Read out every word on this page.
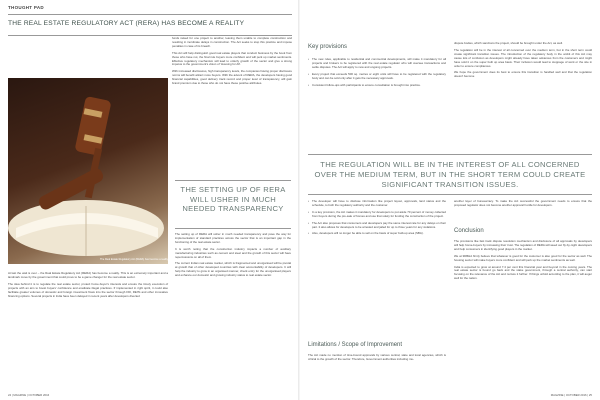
THOUGHT PAD
THE REAL ESTATE REGULATORY ACT (RERA) HAS BECOME A REALITY

funds raised for one project to another, leaving them unable to complete construction and resulting in inordinate delays in construction. The Act seeks to stop this practice and impose penalties in case of its breach.

This Act will help distinguish good real estate players that conduct business by the book from those who have not, the final rule buyers more confident and will perk up market sentiments. Effective regulatory mechanism will lead to orderly growth of the sector and give a strong impetus to the government's vision of 'Housing for All'.

With increased disclosures, high transparency levels, the companies having proper disclosure norms will benefit attract more buyers. With the advent of RERA, the developers having good financial capabilities, good delivery track record and proper level of transparency, will gain brand premium due to those who do not have these positive attributes.

The Real Estate Regulatory Act (RERA) has become a reality

At last the wait is over – the Real Estate Regulatory Act (RERA) has become a reality. This is an extremely important and a landmark move by the government that could prove to be a game changer for the real estate sector.

The idea behind it is to regulate the real estate sector, protect home-buyer's interests and ensure the timely execution of projects with an aim to boost buyers' confidence and eradicate illegal practices. If implemented in right spirit, it could also facilitate greater volumes of domestic and foreign investment flows into the sector through FDI, REITs and other innovative financing options. Several projects in India have been delayed in recent years after developers diverted

THE SETTING UP OF RERA WILL USHER IN MUCH NEEDED TRANSPARENCY

The setting up of RERA will usher in much needed transparency and pave the way for implementation of standard practices across the sector that is an important gap in the functioning of the real estate sector.

It is worth noting that the construction industry impacts a number of auxiliary manufacturing industries such as cement and steel and the growth of this sector will have repercussions on all of them.

The current Indian real estate market, which is fragmented and unorganised will be pivotal at growth that of other developed countries with clear accountability of developers. It will help the industry to grow in an organised manner, check entry for the unorganised players and enhance our domestic and growing industry status to real estate sector.

24 | MAGZINE | OCTOBER 2016
Key provisions
• The new rules, applicable to residential and commercial developments, will make it mandatory for all projects and brokers to be registered with the real estate regulator who will oversee transactions and settle disputes. The Act will apply to new and ongoing projects.
• Every project that exceeds 500 sq. metres or eight units will have to be registered with the regulatory body and can be sold only after it gets the necessary approvals.
• Consistent follow-ups with participants to ensure consultation is brought into practice.

dispute bodies, which sanctions the project, should be brought under the Act, as well.

The regulation will be in the interest of all concerned over the medium term, but in the short term could create significant transition issues. The introduction of the regulatory body in the ambit of this Act may cause lots of confusion as developers might already have taken advances from the customers and might have sold it on the super built up area basis. Their inclusion would lead to stoppage of work or the site in order to ensure compliances.

We hope the government does its best to ensure this transition is handled well and that the regulation doesn't become

THE REGULATION WILL BE IN THE INTEREST OF ALL CONCERNED OVER THE MEDIUM TERM, BUT IN THE SHORT TERM COULD CREATE SIGNIFICANT TRANSITION ISSUES.
• The developer will have to disclose information like project layout, approvals, land status and the schedule, to both the regulatory authority and the customer.
• In a key provision, the Act makes it mandatory for developers to put aside 70 percent of money collected from buyers during the pre-sale of homes and use that solely for funding the construction of the project.
• The Act also proposes that consumers and developers pay the same interest rate for any delays on their part. It also allows for developers to be arrested and jailed for up to three years for any violations.
• Also, developers will no longer be able to sell on the basis of super built-up area (SBA).
Limitations / Scope of Improvement

The Act made no mention of time-bound approvals by various central, state and local agencies, which is critical to the growth of the sector. Therefore, Government authorities including mu-

another layer of bureaucracy. To make the Act successful the government needs to ensure that the proposed regulator does not become another approval hurdle for developers.

Conclusion

The provisions like fast track dispute resolution mechanism and disclosure of all approvals by developers will help home-buyers by increasing their trust. The regulation of RERA will weed out fly-by-night developers and help consumers in identifying good players in the market.

We at 3DBHA firmly believe that whatever is good for the customer is also good for the sector as well. The housing sector will make buyers more confident and will perk up the market sentiments as well.

India is expected to grow at around 7.4 per cent this financial year and beyond in the coming years. The real estate sector is bound go back and the stake government, through a central authority, can start focusing on the relevance of the Act and nurture it further. If things unfold according to the plan, it will augur well for the nation.

MAGZINE | OCTOBER 2016 | 25
